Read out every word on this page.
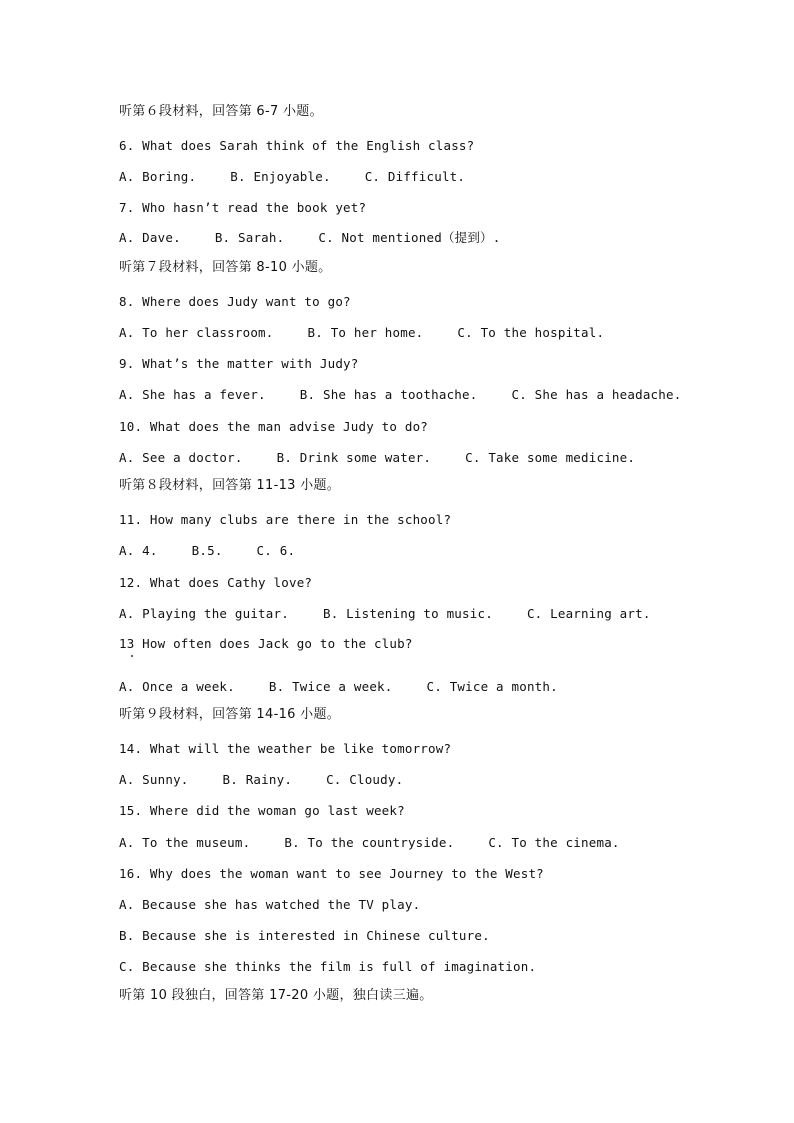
听第６段材料，回答第 6-7 小题。
6. What does Sarah think of the English class?
A. Boring.	B. Enjoyable.	C. Difficult.
7. Who hasn’t read the book yet?
A. Dave.	B. Sarah.	C. Not mentioned（提到）.
听第７段材料，回答第 8-10 小题。
8. Where does Judy want to go?
A. To her classroom.	B. To her home.	C. To the hospital.
9. What’s the matter with Judy?
A. She has a fever.	B. She has a toothache.	C. She has a headache.
10. What does the man advise Judy to do?
A. See a doctor.	B. Drink some water.	C. Take some medicine.
听第８段材料，回答第 11-13 小题。
11. How many clubs are there in the school?
A. 4.	B.5.	C. 6.
12. What does Cathy love?
A. Playing the guitar.	B. Listening to music.	C. Learning art.
13 How often does Jack go to the club?
A. Once a week.	B. Twice a week.	C. Twice a month.
听第９段材料，回答第 14-16 小题。
14. What will the weather be like tomorrow?
A. Sunny.	B. Rainy.	C. Cloudy.
15. Where did the woman go last week?
A. To the museum.	B. To the countryside.	C. To the cinema.
16. Why does the woman want to see Journey to the West?
A. Because she has watched the TV play.
B. Because she is interested in Chinese culture.
C. Because she thinks the film is full of imagination.
听第 10 段独白，回答第 17-20 小题，独白读三遍。
